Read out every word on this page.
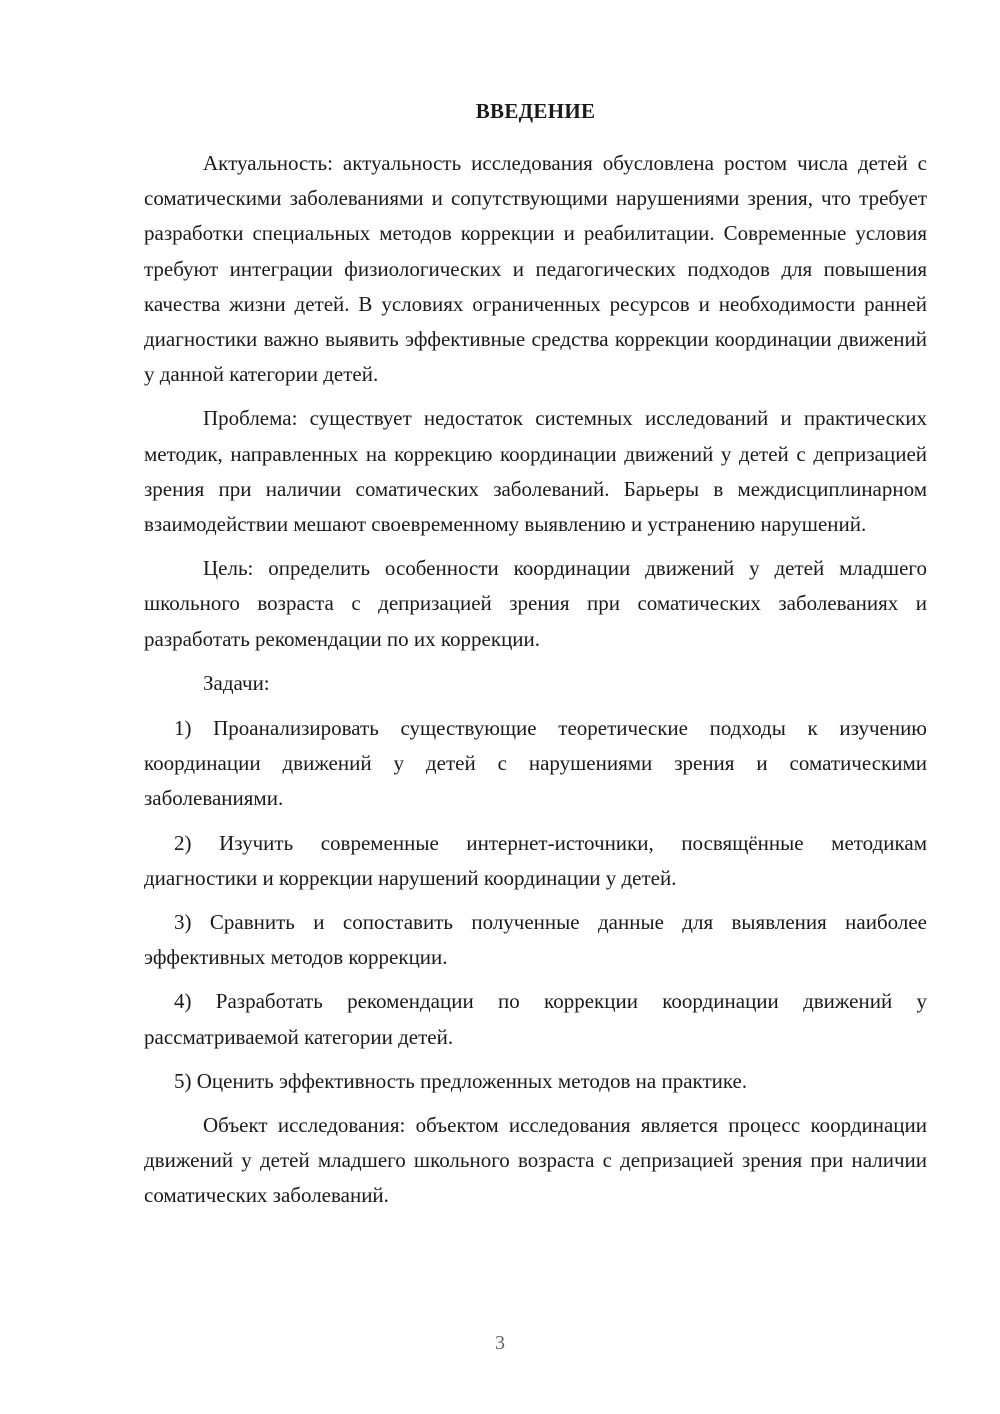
ВВЕДЕНИЕ

Актуальность: актуальность исследования обусловлена ростом числа детей с соматическими заболеваниями и сопутствующими нарушениями зрения, что требует разработки специальных методов коррекции и реабилитации. Современные условия требуют интеграции физиологических и педагогических подходов для повышения качества жизни детей. В условиях ограниченных ресурсов и необходимости ранней диагностики важно выявить эффективные средства коррекции координации движений у данной категории детей.

Проблема: существует недостаток системных исследований и практических методик, направленных на коррекцию координации движений у детей с депризацией зрения при наличии соматических заболеваний. Барьеры в междисциплинарном взаимодействии мешают своевременному выявлению и устранению нарушений.

Цель: определить особенности координации движений у детей младшего школьного возраста с депризацией зрения при соматических заболеваниях и разработать рекомендации по их коррекции.

Задачи:

1) Проанализировать существующие теоретические подходы к изучению координации движений у детей с нарушениями зрения и соматическими заболеваниями.

2) Изучить современные интернет-источники, посвящённые методикам диагностики и коррекции нарушений координации у детей.

3) Сравнить и сопоставить полученные данные для выявления наиболее эффективных методов коррекции.

4) Разработать рекомендации по коррекции координации движений у рассматриваемой категории детей.

5) Оценить эффективность предложенных методов на практике.

Объект исследования: объектом исследования является процесс координации движений у детей младшего школьного возраста с депризацией зрения при наличии соматических заболеваний.

3
